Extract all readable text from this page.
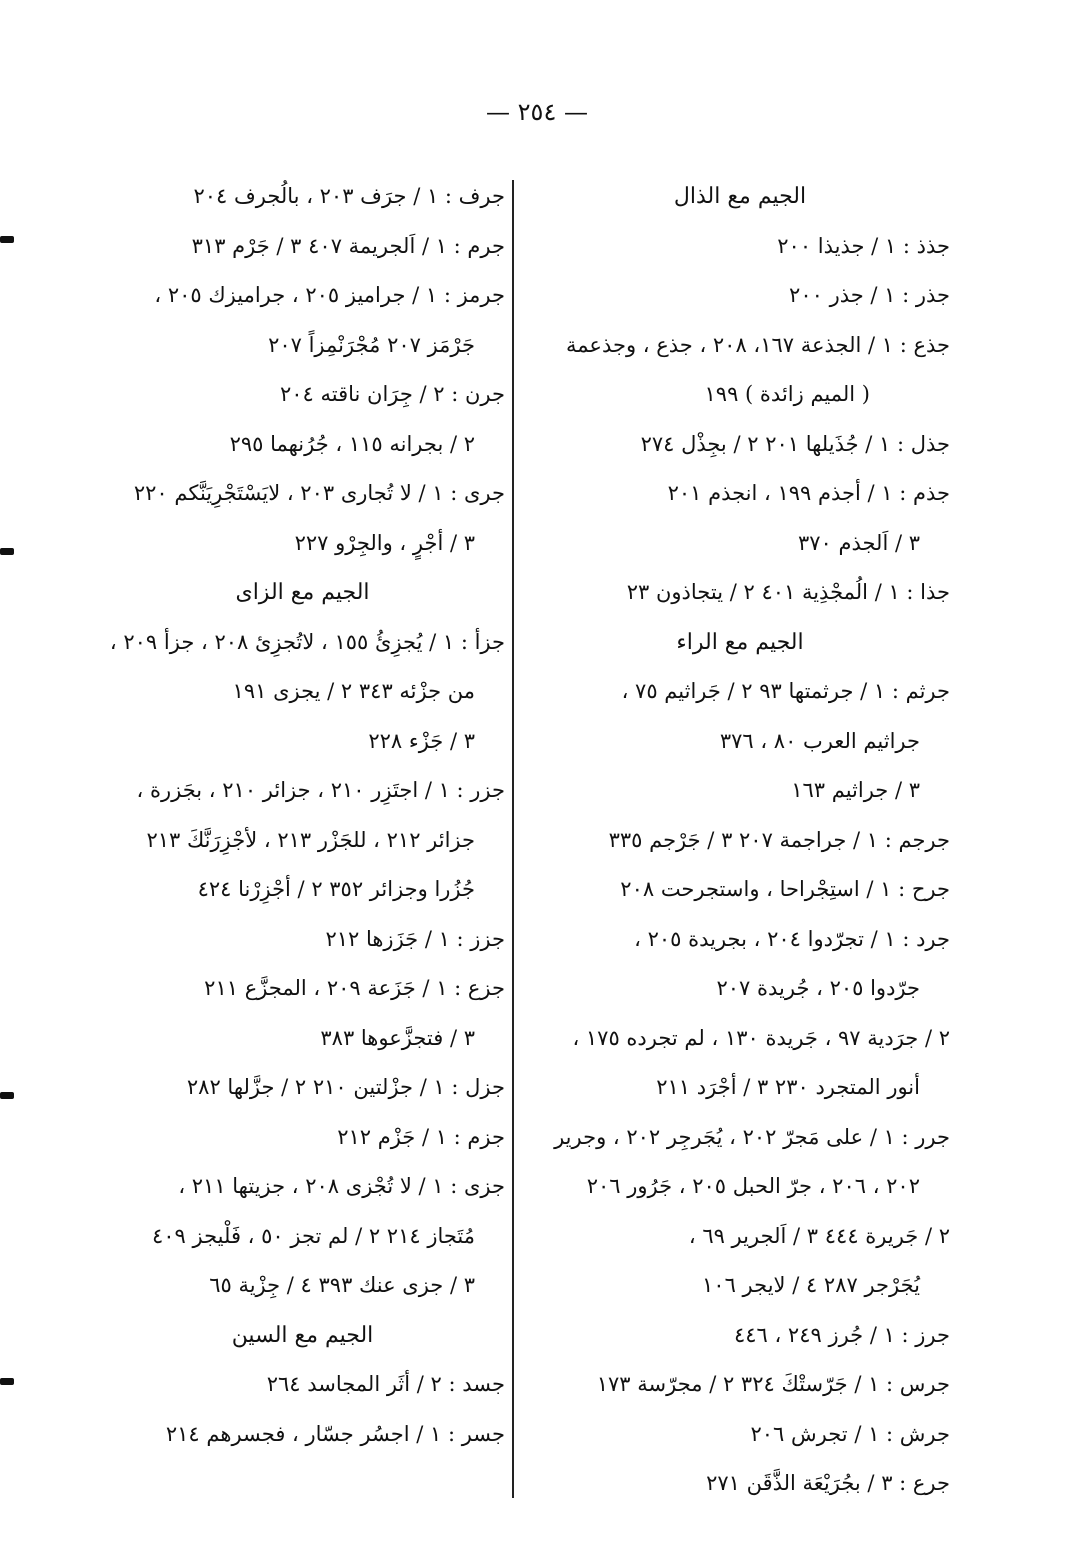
— ٢٥٤ —
الجيم مع الذال
جذذ : ١ / جذيذا ٢٠٠
جذر : ١ / جذر ٢٠٠
جذع : ١ / الجذعة ١٦٧، ٢٠٨ ، جذع ، وجذعمة
( الميم زائدة ) ١٩٩
جذل : ١ / جُذَيلها ٢٠١ ٢ / بجِذْل ٢٧٤
جذم : ١ / أجذم ١٩٩ ، انجذم ٢٠١
٣ / اَلجذم ٣٧٠
جذا : ١ / الُمجْذِية ٤٠١ ٢ / يتجاذون ٢٣
الجيم مع الراء
جرثم : ١ / جرثمتها ٩٣ ٢ / جَراثيم ٧٥ ،
جراثيم العرب ٨٠ ، ٣٧٦
٣ / جراثيم ١٦٣
جرجم : ١ / جراجمة ٢٠٧ ٣ / جَرْجم ٣٣٥
جرح : ١ / استِجْراحا ، واستجرحت ٢٠٨
جرد : ١ / تجرّدوا ٢٠٤ ، بجريدة ٢٠٥ ،
جرّدوا ٢٠٥ ، جُريدة ٢٠٧
٢ / جرَدية ٩٧ ، جَريدة ١٣٠ ، لم تجرده ١٧٥ ،
أنور المتجرد ٢٣٠ ٣ / أجْرَد ٢١١
جرر : ١ / على مَجرّ ٢٠٢ ، يُجَرجِر ٢٠٢ ، وجرير
٢٠٢ ، ٢٠٦ ، جرّ الحبل ٢٠٥ ، جَرُور ٢٠٦
٢ / جَريرة ٤٤٤ ٣ / اَلجرير ٦٩ ،
يُجَرْجر ٢٨٧ ٤ / لايجر ١٠٦
جرز : ١ / جُرز ٢٤٩ ، ٤٤٦
جرس : ١ / جَرّستْكَ ٣٢٤ ٢ / مجرّسة ١٧٣
جرش : ١ / تجرش ٢٠٦
جرع : ٣ / بجُرَيْعَة الذَّقَن ٢٧١
جرف : ١ / جرَف ٢٠٣ ، بالُجرف ٢٠٤
جرم : ١ / اَلجريمة ٤٠٧ ٣ / جَرْم ٣١٣
جرمز : ١ / جراميز ٢٠٥ ، جراميزك ٢٠٥ ،
جَرْمَز ٢٠٧ مُجْرَنْمِزاً ٢٠٧
جرن : ٢ / جِرَان ناقته ٢٠٤
٢ / بجرانه ١١٥ ، جُرُنهما ٢٩٥
جرى : ١ / لا تُجارى ٢٠٣ ، لايَسْتَجْرِيَنَّكم ٢٢٠
٣ / أجْرٍ ، والجِرْو ٢٢٧
الجيم مع الزاى
جزأ : ١ / يُجزِئُ ١٥٥ ، لاتُجزِئ ٢٠٨ ، جزأ ٢٠٩ ،
من جزْئه ٣٤٣ ٢ / يجزى ١٩١
٣ / جَزْء ٢٢٨
جزر : ١ / اجتَزِر ٢١٠ ، جزائر ٢١٠ ، بجَزرة ،
جزائر ٢١٢ ، للجَزْر ٢١٣ ، لأجْزِرَنَّكَ ٢١٣
جُزُرا وجزائر ٣٥٢ ٢ / أجْزِرْنا ٤٢٤
جزز : ١ / جَزَزها ٢١٢
جزع : ١ / جَزَعة ٢٠٩ ، المجزَّع ٢١١
٣ / فتجزَّعوها ٣٨٣
جزل : ١ / جزْلتين ٢١٠ ٢ / جزَّلها ٢٨٢
جزم : ١ / جَزْم ٢١٢
جزى : ١ / لا تُجْزى ٢٠٨ ، جزيتها ٢١١ ،
مُتَجاز ٢١٤ ٢ / لم تجز ٥٠ ، فَلْيجز ٤٠٩
٣ / جزى عنك ٣٩٣ ٤ / جِزْية ٦٥
الجيم مع السين
جسد : ٢ / أثَر المجاسد ٢٦٤
جسر : ١ / اجسُر جسّار ، فجسرهم ٢١٤
